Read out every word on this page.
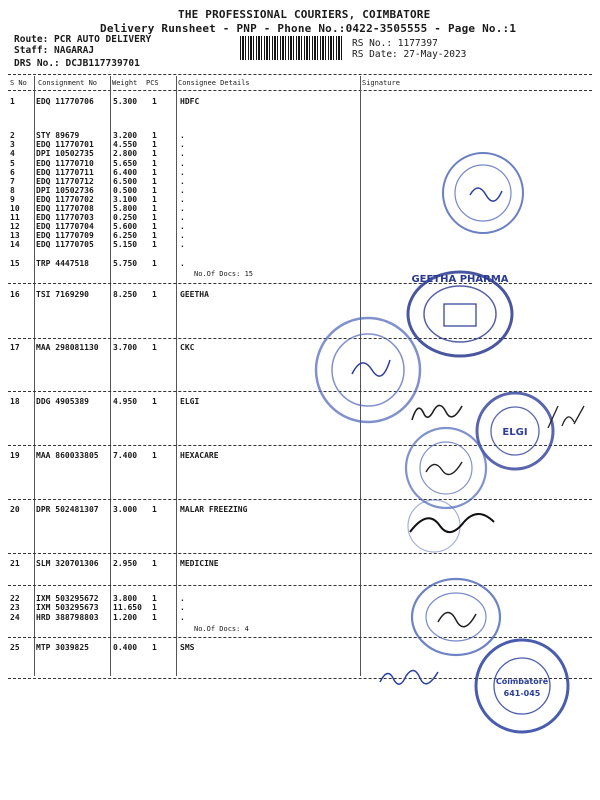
THE PROFESSIONAL COURIERS, COIMBATORE
Delivery Runsheet - PNP - Phone No.:0422-3505555 - Page No.:1
Route: PCR AUTO DELIVERY
Staff: NAGARAJ
DRS No.: DCJB117739701
RS No.: 1177397
RS Date: 27-May-2023
S No Consignment No Weight PCS	Consignee Details	Signature
1	EDQ 11770706 5.300 1	HDFC
2	STY 89679	3.200 1	.
3	EDQ 11770701 4.550 1	.
4	DPI 10502735 2.800 1	.
5	EDQ 11770710 5.650 1	.
6	EDQ 11770711 6.400 1	.
7	EDQ 11770712 6.500 1	.
8	DPI 10502736 0.500 1	.
9	EDQ 11770702 3.100 1	.
10 EDQ 11770708 5.800 1	.
11 EDQ 11770703 0.250 1	.
12 EDQ 11770704 5.600 1	.
13 EDQ 11770709 6.250 1	.
14 EDQ 11770705 5.150 1	.
15 TRP 4447518	5.750 1	.
No.Of Docs: 15
16 TSI 7169290	8.250 1	GEETHA
17 MAA 298081130 3.700 1	CKC
18 DDG 4905389	4.950 1	ELGI
19 MAA 860033805 7.400 1	HEXACARE
20 DPR 502481307 3.000 1	MALAR FREEZING
21 SLM 320701306 2.950 1	MEDICINE
22 IXM 503295672 3.800 1	.
23 IXM 503295673 11.650 1	.
24 HRD 388798803 1.200 1	.
No.Of Docs: 4
25 MTP 3039825	0.400 1	SMS
GEETHA PHARMA
ELGI
Coimbatore
641-045
